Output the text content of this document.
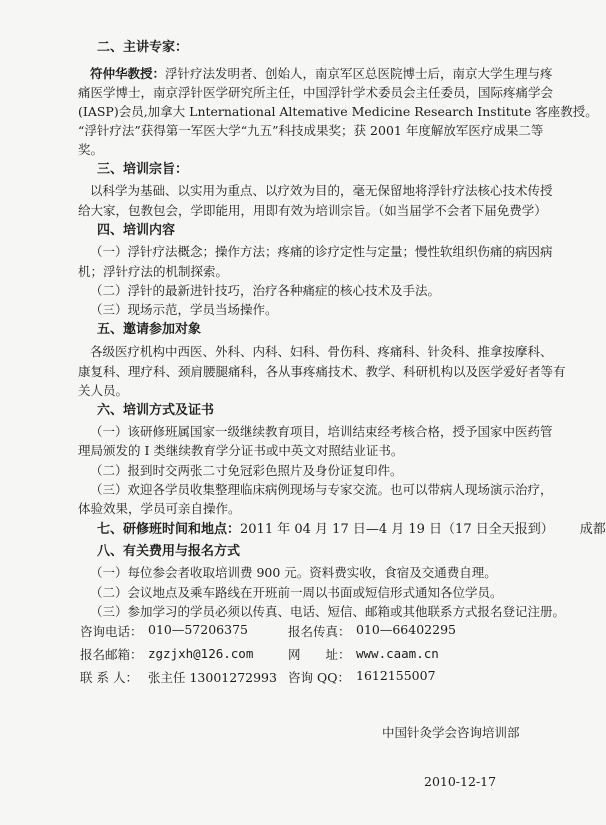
二、主讲专家：
符仲华教授：浮针疗法发明者、创始人，南京军区总医院博士后，南京大学生理与疼
痛医学博士，南京浮针医学研究所主任，中国浮针学术委员会主任委员，国际疼痛学会
(IASP)会员,加拿大 Lnternational Altemative Medicine Research Institute 客座教授。
“浮针疗法”获得第一军医大学“九五”科技成果奖；获 2001 年度解放军医疗成果二等
奖。
三、培训宗旨：
以科学为基础、以实用为重点、以疗效为目的，毫无保留地将浮针疗法核心技术传授
给大家，包教包会，学即能用，用即有效为培训宗旨。（如当届学不会者下届免费学）
四、培训内容
（一）浮针疗法概念；操作方法；疼痛的诊疗定性与定量；慢性软组织伤痛的病因病
机；浮针疗法的机制探索。
（二）浮针的最新进针技巧，治疗各种痛症的核心技术及手法。
（三）现场示范，学员当场操作。
五、邀请参加对象
各级医疗机构中西医、外科、内科、妇科、骨伤科、疼痛科、针灸科、推拿按摩科、
康复科、理疗科、颈肩腰腿痛科，各从事疼痛技术、教学、科研机构以及医学爱好者等有
关人员。
六、培训方式及证书
（一）该研修班属国家一级继续教育项目，培训结束经考核合格，授予国家中医药管
理局颁发的 I 类继续教育学分证书或中英文对照结业证书。
（二）报到时交两张二寸免冠彩色照片及身份证复印件。
（三）欢迎各学员收集整理临床病例现场与专家交流。也可以带病人现场演示治疗，
体验效果，学员可亲自操作。
七、研修班时间和地点：2011 年 04 月 17 日—4 月 19 日（17 日全天报到） 成都
八、有关费用与报名方式
（一）每位参会者收取培训费 900 元。资料费实收，食宿及交通费自理。
（二）会议地点及乘车路线在开班前一周以书面或短信形式通知各位学员。
（三）参加学习的学员必须以传真、电话、短信、邮箱或其他联系方式报名登记注册。
咨询电话： 010—57206375	报名传真： 010—66402295
报名邮箱： zgzjxh@126.com	网　　址： www.caam.cn
联 系 人： 张主任 13001272993 咨询 QQ： 1612155007
中国针灸学会咨询培训部
2010-12-17
